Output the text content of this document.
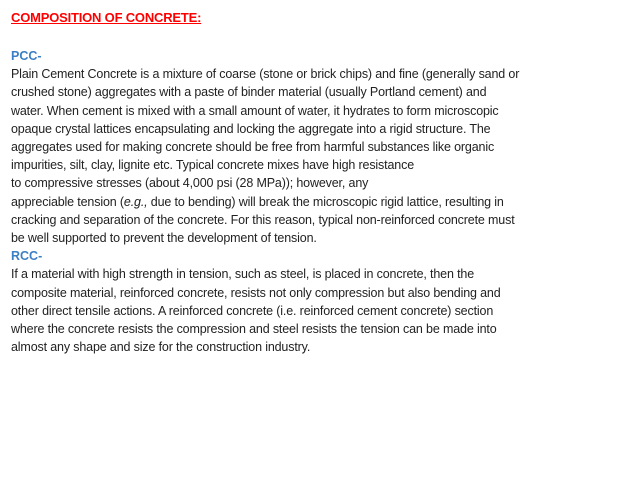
COMPOSITION OF CONCRETE:
PCC-
Plain Cement Concrete is a mixture of coarse (stone or brick chips) and fine (generally sand or
crushed stone) aggregates with a paste of binder material (usually Portland cement) and
water. When cement is mixed with a small amount of water, it hydrates to form microscopic
opaque crystal lattices encapsulating and locking the aggregate into a rigid structure. The
aggregates used for making concrete should be free from harmful substances like organic
impurities, silt, clay, lignite etc. Typical concrete mixes have high resistance
to compressive stresses (about 4,000 psi (28 MPa)); however, any
appreciable tension (e.g., due to bending) will break the microscopic rigid lattice, resulting in
cracking and separation of the concrete. For this reason, typical non-reinforced concrete must
be well supported to prevent the development of tension.
RCC-
If a material with high strength in tension, such as steel, is placed in concrete, then the
composite material, reinforced concrete, resists not only compression but also bending and
other direct tensile actions. A reinforced concrete (i.e. reinforced cement concrete) section
where the concrete resists the compression and steel resists the tension can be made into
almost any shape and size for the construction industry.
